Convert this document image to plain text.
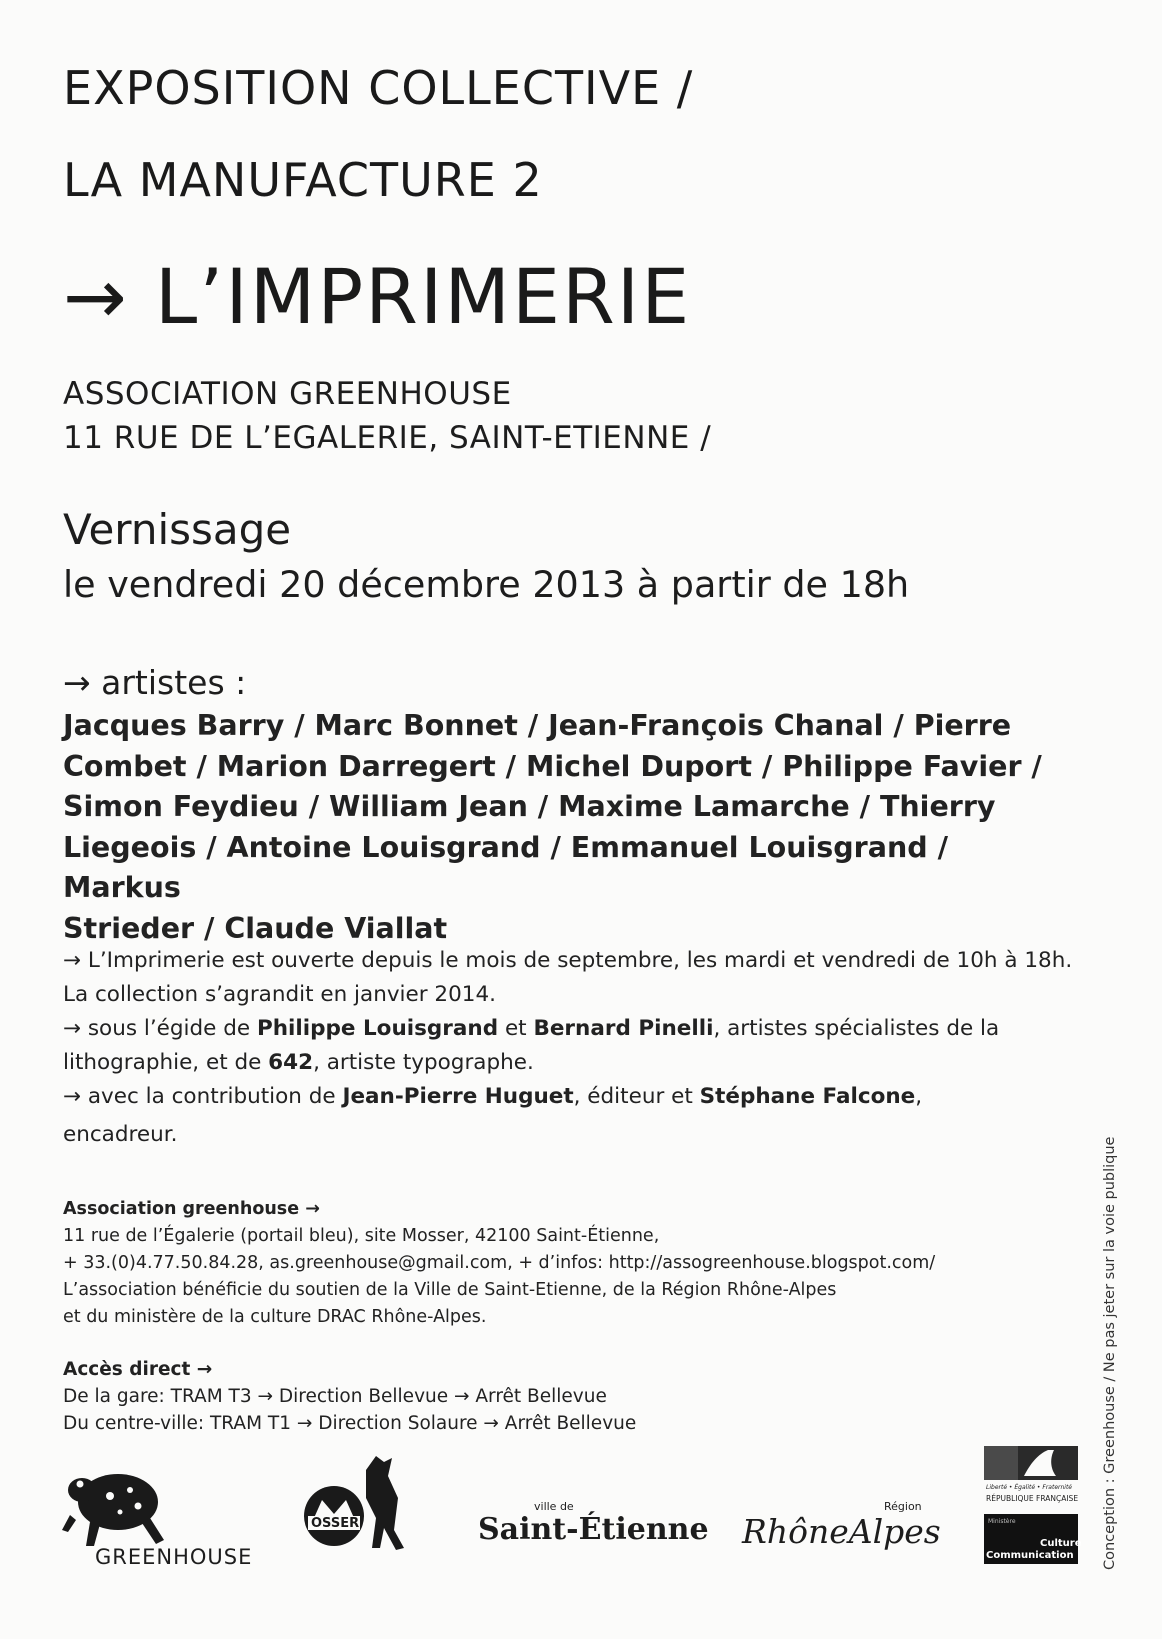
EXPOSITION COLLECTIVE /
LA MANUFACTURE 2
→ L’IMPRIMERIE
ASSOCIATION GREENHOUSE
11 RUE DE L’EGALERIE, SAINT-ETIENNE /
Vernissage
le vendredi 20 décembre 2013 à partir de 18h
→ artistes :
Jacques Barry / Marc Bonnet / Jean-François Chanal / Pierre
Combet / Marion Darregert / Michel Duport / Philippe Favier /
Simon Feydieu / William Jean / Maxime Lamarche / Thierry
Liegeois / Antoine Louisgrand / Emmanuel Louisgrand / Markus
Strieder / Claude Viallat

→ L’Imprimerie est ouverte depuis le mois de septembre, les mardi et vendredi de 10h à 18h. La collection s’agrandit en janvier 2014.

→ sous l’égide de Philippe Louisgrand et Bernard Pinelli, artistes spécialistes de la lithographie, et de 642, artiste typographe.

→ avec la contribution de Jean-Pierre Huguet, éditeur et Stéphane Falcone,

encadreur.

Association greenhouse →

11 rue de l’Égalerie (portail bleu), site Mosser, 42100 Saint-Étienne,

+ 33.(0)4.77.50.84.28, as.greenhouse@gmail.com, + d’infos: http://assogreenhouse.blogspot.com/

L’association bénéficie du soutien de la Ville de Saint-Etienne, de la Région Rhône-Alpes

et du ministère de la culture DRAC Rhône-Alpes.

Accès direct →

De la gare: TRAM T3 → Direction Bellevue → Arrêt Bellevue

Du centre-ville: TRAM T1 → Direction Solaure → Arrêt Bellevue	Conception : Greenhouse / Ne pas jeter sur la voie publique
GREENHOUSE
OSSER
ville de
Saint-Étienne
Région
RhôneAlpes
Liberté • Égalité • Fraternité
RÉPUBLIQUE FRANÇAISE
Ministère
Culture
Communication
